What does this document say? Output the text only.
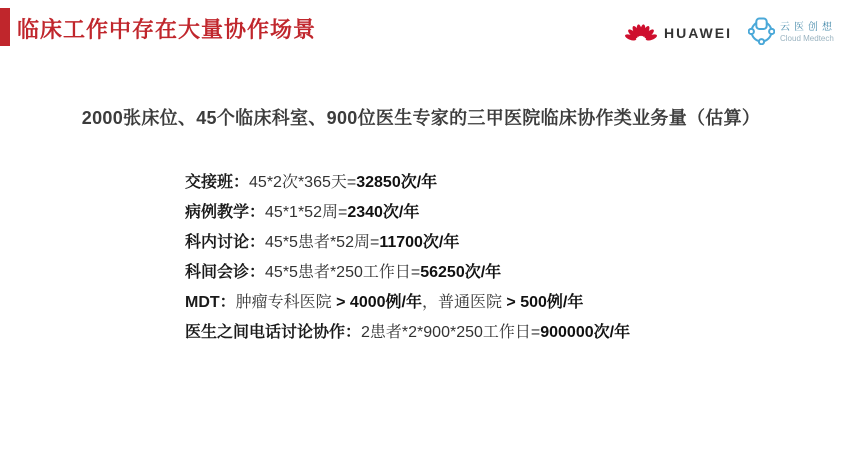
临床工作中存在大量协作场景	HUAWEI	云医创想
Cloud Medtech
2000张床位、45个临床科室、900位医生专家的三甲医院临床协作类业务量（估算）
交接班：45*2次*365天=32850次/年
病例教学：45*1*52周=2340次/年
科内讨论：45*5患者*52周=11700次/年
科间会诊：45*5患者*250工作日=56250次/年
MDT：肿瘤专科医院 > 4000例/年，普通医院 > 500例/年
医生之间电话讨论协作：2患者*2*900*250工作日=900000次/年
